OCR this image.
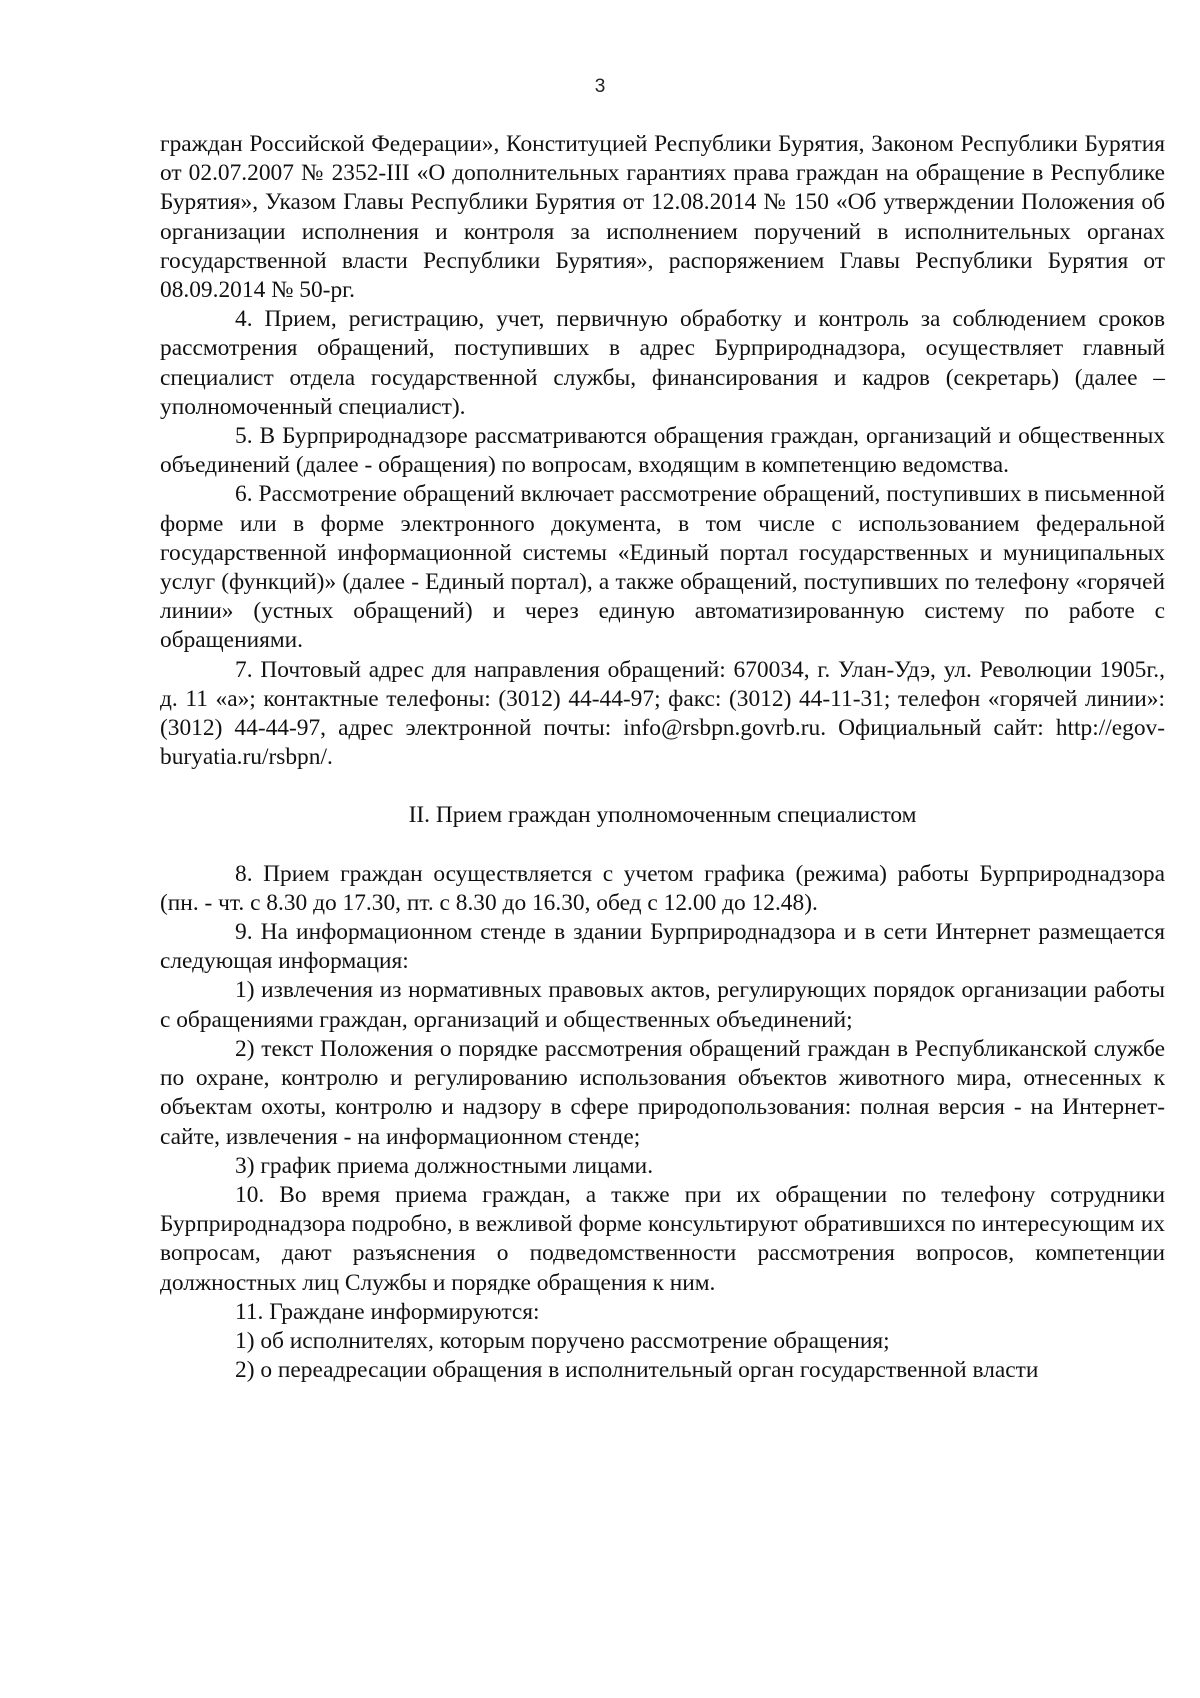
3

граждан Российской Федерации», Конституцией Республики Бурятия, Законом Республики Бурятия от 02.07.2007 № 2352-III «О дополнительных гарантиях права граждан на обращение в Республике Бурятия», Указом Главы Республики Бурятия от 12.08.2014 № 150 «Об утверждении Положения об организации исполнения и контроля за исполнением поручений в исполнительных органах государственной власти Республики Бурятия», распоряжением Главы Республики Бурятия от 08.09.2014 № 50-рг.

4. Прием, регистрацию, учет, первичную обработку и контроль за соблюдением сроков рассмотрения обращений, поступивших в адрес Бурприроднадзора, осуществляет главный специалист отдела государственной службы, финансирования и кадров (секретарь) (далее – уполномоченный специалист).

5. В Бурприроднадзоре рассматриваются обращения граждан, организаций и общественных объединений (далее - обращения) по вопросам, входящим в компетенцию ведомства.

6. Рассмотрение обращений включает рассмотрение обращений, поступивших в письменной форме или в форме электронного документа, в том числе с использованием федеральной государственной информационной системы «Единый портал государственных и муниципальных услуг (функций)» (далее - Единый портал), а также обращений, поступивших по телефону «горячей линии» (устных обращений) и через единую автоматизированную систему по работе с обращениями.

7. Почтовый адрес для направления обращений: 670034, г. Улан-Удэ, ул. Революции 1905г., д. 11 «а»; контактные телефоны: (3012) 44-44-97; факс: (3012) 44-11-31; телефон «горячей линии»: (3012) 44-44-97, адрес электронной почты: info@rsbpn.govrb.ru. Официальный сайт: http://egov-buryatia.ru/rsbpn/.

II. Прием граждан уполномоченным специалистом

8. Прием граждан осуществляется с учетом графика (режима) работы Бурприроднадзора (пн. - чт. с 8.30 до 17.30, пт. с 8.30 до 16.30, обед с 12.00 до 12.48).

9. На информационном стенде в здании Бурприроднадзора и в сети Интернет размещается следующая информация:

1) извлечения из нормативных правовых актов, регулирующих порядок организации работы с обращениями граждан, организаций и общественных объединений;

2) текст Положения о порядке рассмотрения обращений граждан в Республиканской службе по охране, контролю и регулированию использования объектов животного мира, отнесенных к объектам охоты, контролю и надзору в сфере природопользования: полная версия - на Интернет-сайте, извлечения - на информационном стенде;

3) график приема должностными лицами.

10. Во время приема граждан, а также при их обращении по телефону сотрудники Бурприроднадзора подробно, в вежливой форме консультируют обратившихся по интересующим их вопросам, дают разъяснения о подведомственности рассмотрения вопросов, компетенции должностных лиц Службы и порядке обращения к ним.

11. Граждане информируются:

1) об исполнителях, которым поручено рассмотрение обращения;

2) о переадресации обращения в исполнительный орган государственной власти
